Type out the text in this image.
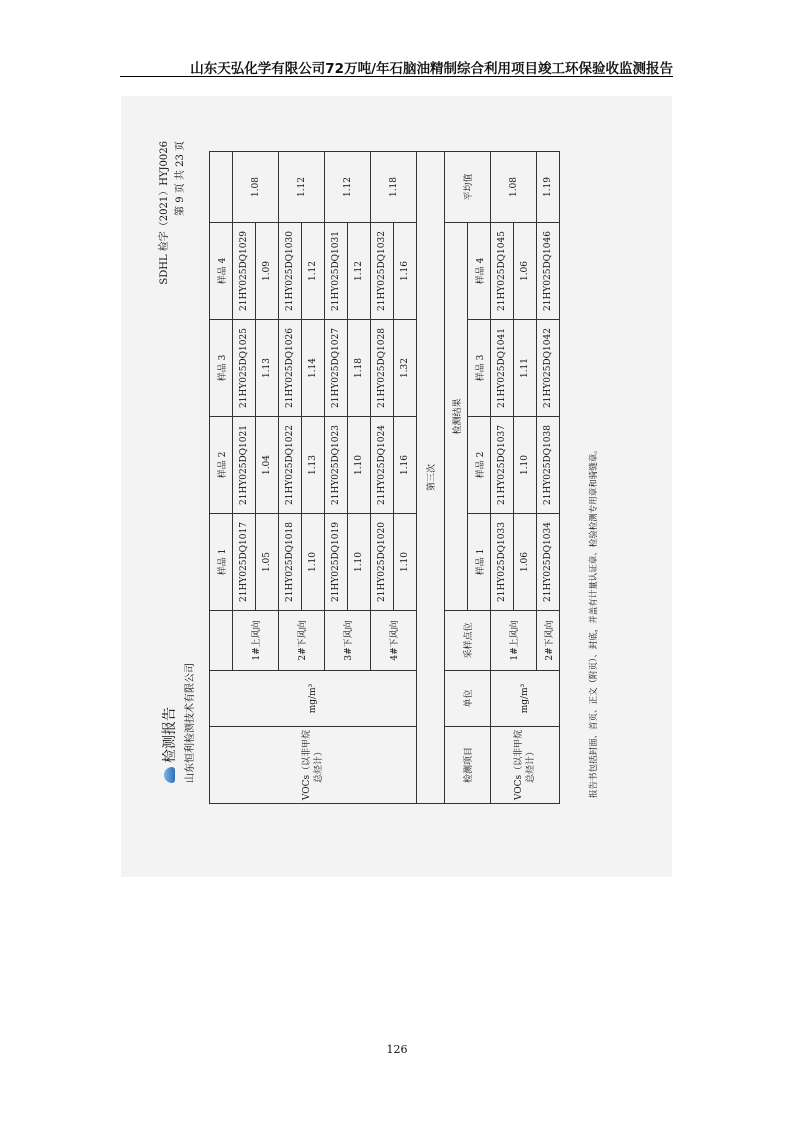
山东天弘化学有限公司72万吨/年石脑油精制综合利用项目竣工环保验收监测报告
检测报告 山东恒利检测技术有限公司
SDHL 检字（2021）HYJ0026 第 9 页 共 23 页
VOCs（以非甲烷总烃计）	mg/m³		样品 1	样品 2	样品 3	样品 4	
		1#上风向	21HY025DQ1017	21HY025DQ1021	21HY025DQ1025	21HY025DQ1029	1.08
			1.05	1.04	1.13	1.09	
		2#下风向	21HY025DQ1018	21HY025DQ1022	21HY025DQ1026	21HY025DQ1030	1.12
			1.10	1.13	1.14	1.12	
		3#下风向	21HY025DQ1019	21HY025DQ1023	21HY025DQ1027	21HY025DQ1031	1.12
			1.10	1.10	1.18	1.12	
		4#下风向	21HY025DQ1020	21HY025DQ1024	21HY025DQ1028	21HY025DQ1032	1.18
			1.10	1.16	1.32	1.16	
第三次							
检测项目	单位	采样点位	检测结果				平均值
			样品 1	样品 2	样品 3	样品 4	
VOCs（以非甲烷总烃计）	mg/m³	1#上风向	21HY025DQ1033	21HY025DQ1037	21HY025DQ1041	21HY025DQ1045	1.08
			1.06	1.10	1.11	1.06	
		2#下风向	21HY025DQ1034	21HY025DQ1038	21HY025DQ1042	21HY025DQ1046	1.19
报告书包括封面、首页、正文（附页）、封底，并盖有计量认证章、检验检测专用章和骑缝章。
126
